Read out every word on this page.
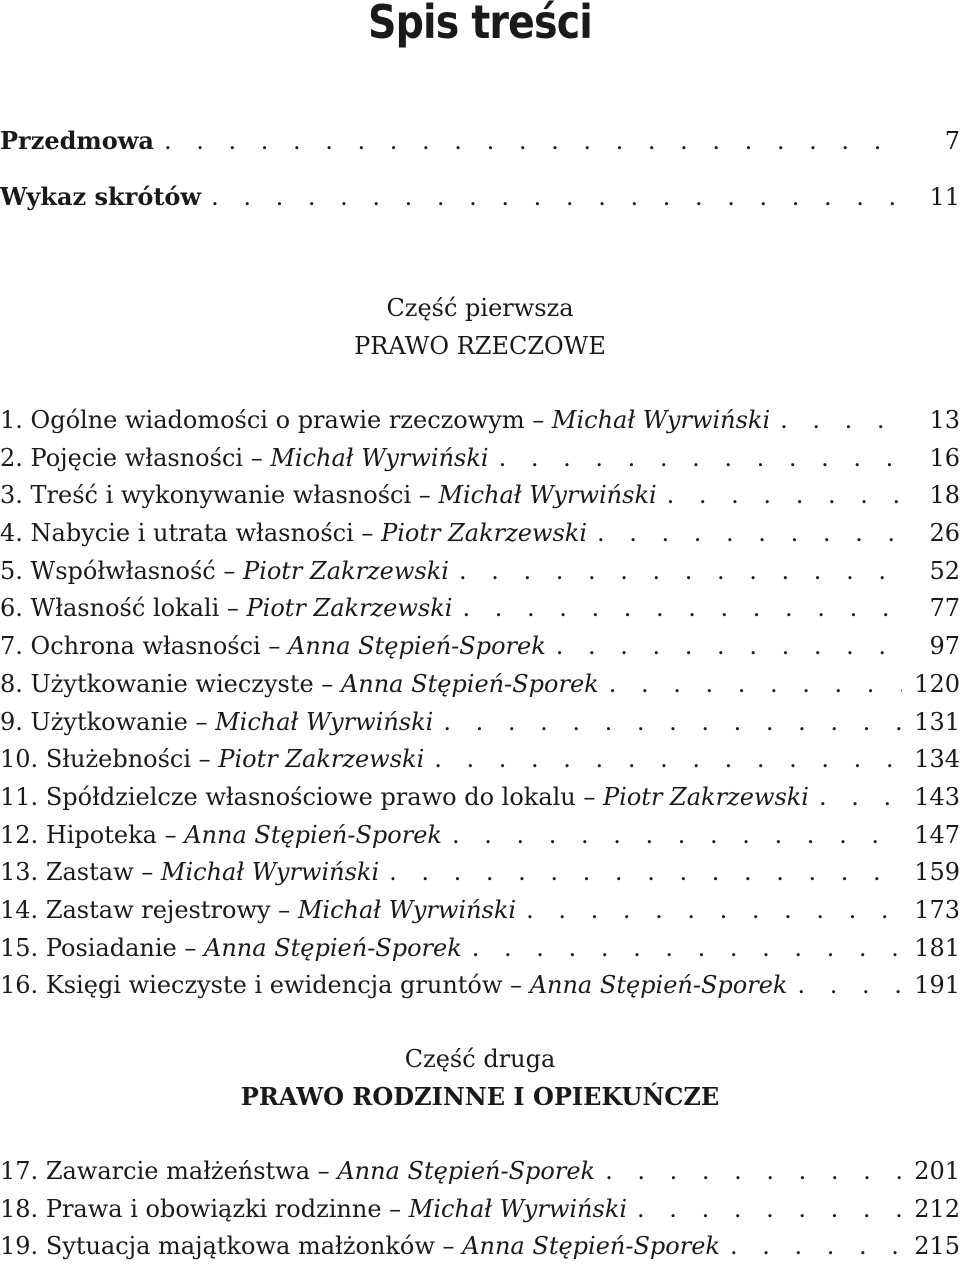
Spis treści
Przedmowa . . .	7
Wykaz skrótów . . .	11
Część pierwsza
PRAWO RZECZOWE
1. Ogólne wiadomości o prawie rzeczowym – Michał Wyrwiński . . .	13
2. Pojęcie własności – Michał Wyrwiński . . .	16
3. Treść i wykonywanie własności – Michał Wyrwiński . . .	18
4. Nabycie i utrata własności – Piotr Zakrzewski . . .	26
5. Współwłasność – Piotr Zakrzewski . . .	52
6. Własność lokali – Piotr Zakrzewski . . .	77
7. Ochrona własności – Anna Stępień-Sporek . . .	97
8. Użytkowanie wieczyste – Anna Stępień-Sporek . . .	120
9. Użytkowanie – Michał Wyrwiński . . .	131
10. Służebności – Piotr Zakrzewski . . .	134
11. Spółdzielcze własnościowe prawo do lokalu – Piotr Zakrzewski . . .	143
12. Hipoteka – Anna Stępień-Sporek . . .	147
13. Zastaw – Michał Wyrwiński . . .	159
14. Zastaw rejestrowy – Michał Wyrwiński . . .	173
15. Posiadanie – Anna Stępień-Sporek . . .	181
16. Księgi wieczyste i ewidencja gruntów – Anna Stępień-Sporek . . .	191
Część druga
PRAWO RODZINNE I OPIEKUŃCZE
17. Zawarcie małżeństwa – Anna Stępień-Sporek . . .	201
18. Prawa i obowiązki rodzinne – Michał Wyrwiński . . .	212
19. Sytuacja majątkowa małżonków – Anna Stępień-Sporek . . .	215
